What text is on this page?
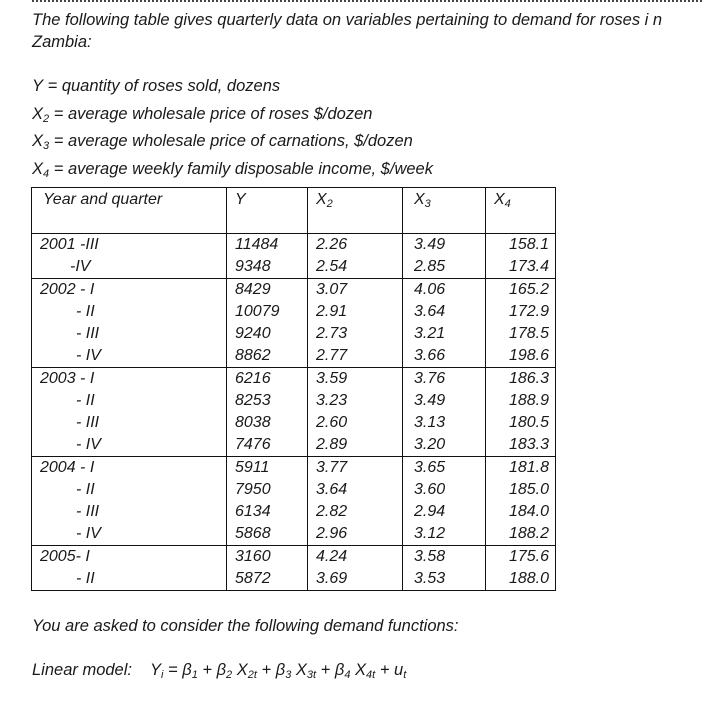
The following table gives quarterly data on variables pertaining to demand for roses i n Zambia:
Y = quantity of roses sold, dozens
$X_2$ = average wholesale price of roses $/dozen
$X_3$ = average wholesale price of carnations, $/dozen
$X_4$ = average weekly family disposable income, $/week
Year and quarter	Y	$X_2$	$X_3$	$X_4$
2001 -III	11484	2.26	3.49	158.1
-IV	9348	2.54	2.85	173.4
2002 - I	8429	3.07	4.06	165.2
- II	10079	2.91	3.64	172.9
- III	9240	2.73	3.21	178.5
- IV	8862	2.77	3.66	198.6
2003 - I	6216	3.59	3.76	186.3
- II	8253	3.23	3.49	188.9
- III	8038	2.60	3.13	180.5
- IV	7476	2.89	3.20	183.3
2004 - I	5911	3.77	3.65	181.8
- II	7950	3.64	3.60	185.0
- III	6134	2.82	2.94	184.0
- IV	5868	2.96	3.12	188.2
2005- I	3160	4.24	3.58	175.6
- II	5872	3.69	3.53	188.0
You are asked to consider the following demand functions:
Linear model: $Y_i = \beta_1 + \beta_2$ $X_{2t} + \beta_3$ $X_{3t} + \beta_4$ $X_{4t} + u_t$
